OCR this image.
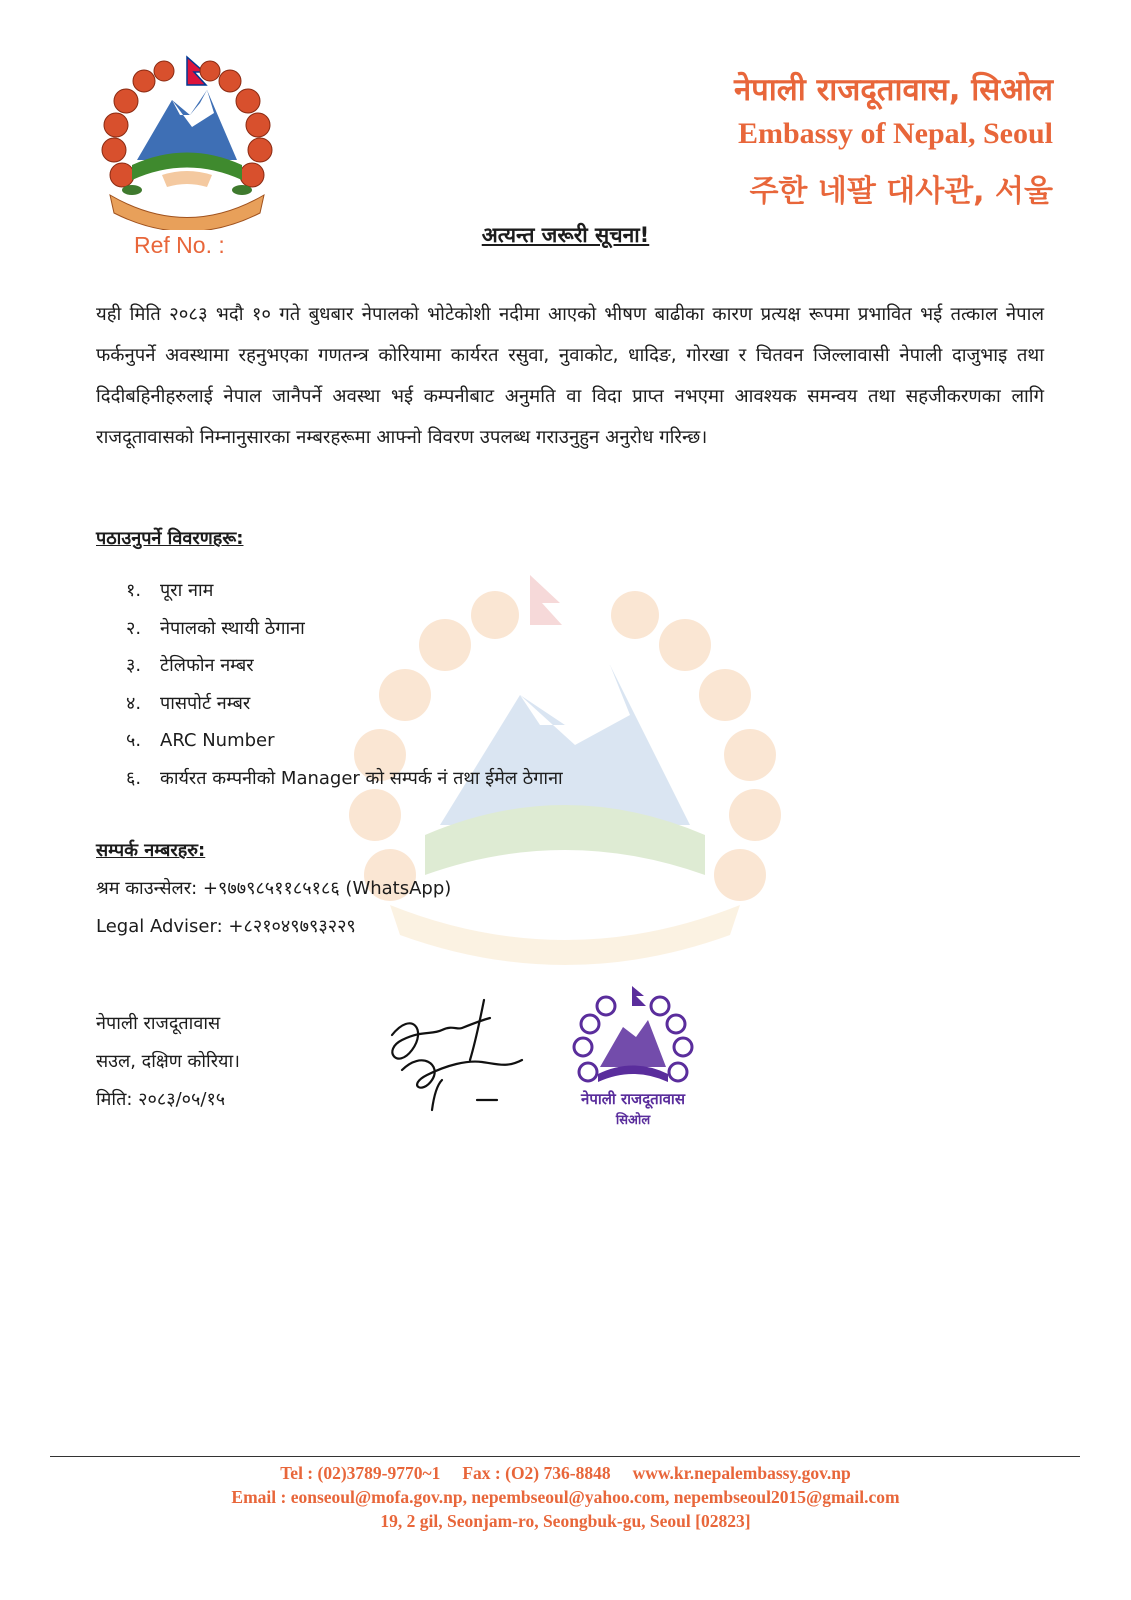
नेपाली राजदूतावास, सिओल
Embassy of Nepal, Seoul
주한 네팔 대사관, 서울
Ref No. :	अत्यन्त जरूरी सूचना!
यही मिति २०८३ भदौ १० गते बुधबार नेपालको भोटेकोशी नदीमा आएको भीषण बाढीका कारण प्रत्यक्ष रूपमा प्रभावित भई तत्काल नेपाल फर्कनुपर्ने अवस्थामा रहनुभएका गणतन्त्र कोरियामा कार्यरत रसुवा, नुवाकोट, धादिङ, गोरखा र चितवन जिल्लावासी नेपाली दाजुभाइ तथा दिदीबहिनीहरुलाई नेपाल जानैपर्ने अवस्था भई कम्पनीबाट अनुमति वा विदा प्राप्त नभएमा आवश्यक समन्वय तथा सहजीकरणका लागि राजदूतावासको निम्नानुसारका नम्बरहरूमा आफ्नो विवरण उपलब्ध गराउनुहुन अनुरोध गरिन्छ।
पठाउनुपर्ने विवरणहरू:
१. पूरा नाम
२. नेपालको स्थायी ठेगाना
३. टेलिफोन नम्बर
४. पासपोर्ट नम्बर
५. ARC Number
६. कार्यरत कम्पनीको Manager को सम्पर्क नं तथा ईमेल ठेगाना
सम्पर्क नम्बरहरु:
श्रम काउन्सेलर: +९७७९८५११८५१८६ (WhatsApp)
Legal Adviser: +८२१०४९७९३२२९
नेपाली राजदूतावास
सउल, दक्षिण कोरिया।
मिति: २०८३/०५/१५	नेपाली राजदूतावास
सिओल
Tel : (02)3789-9770~1 Fax : (O2) 736-8848 www.kr.nepalembassy.gov.np
Email : eonseoul@mofa.gov.np, nepembseoul@yahoo.com, nepembseoul2015@gmail.com
19, 2 gil, Seonjam-ro, Seongbuk-gu, Seoul [02823]
